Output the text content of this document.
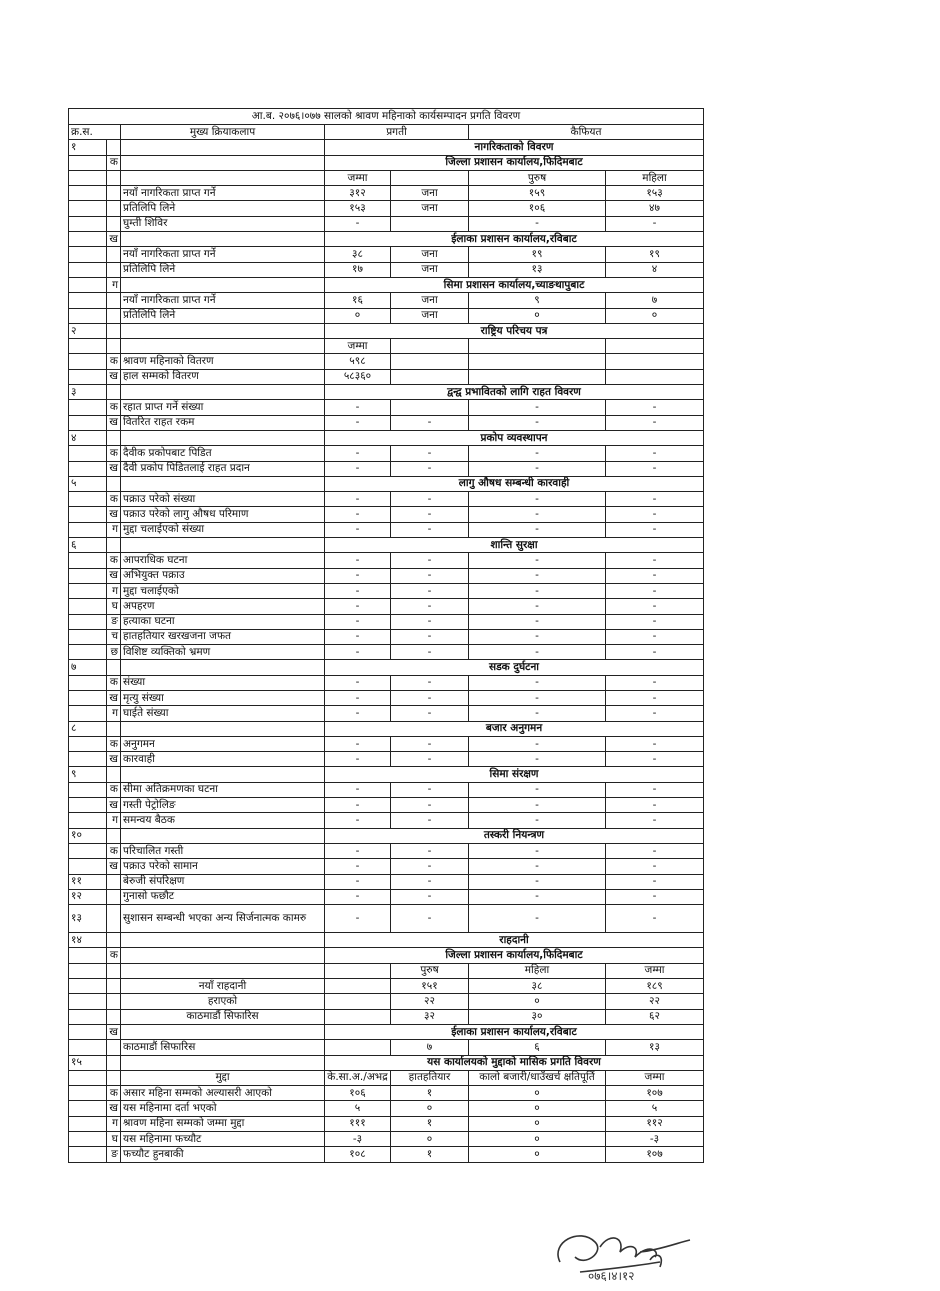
आ.ब. २०७६।०७७ सालको श्रावण महिनाको कार्यसम्पादन प्रगति विवरण						
क्र.स.		मुख्य क्रियाकलाप	प्रगती		कैफियत	
१			नागरिकताको विवरण			
	क		जिल्ला प्रशासन कार्यालय,फिदिमबाट			
			जम्मा		पुरुष	महिला
		नयाँ नागरिकता प्राप्त गर्ने	३१२	जना	१५९	१५३
		प्रतिलिपि लिने	१५३	जना	१०६	४७
		घुम्ती शिविर	-		-	-
	ख		ईलाका प्रशासन कार्यालय,रविबाट			
		नयाँ नागरिकता प्राप्त गर्ने	३८	जना	१९	१९
		प्रतिलिपि लिने	१७	जना	१३	४
	ग		सिमा प्रशासन कार्यालय,च्याङथापुबाट			
		नयाँ नागरिकता प्राप्त गर्ने	१६	जना	९	७
		प्रतिलिपि लिने	०	जना	०	०
२			राष्ट्रिय परिचय पत्र			
			जम्मा			
	क	श्रावण महिनाको वितरण	५९८			
	ख	हाल सम्मको वितरण	५८३६०			
३			द्वन्द्व प्रभावितको लागि राहत विवरण			
	क	रहात प्राप्त गर्ने संख्या	-		-	-
	ख	वितरित राहत रकम	-	-	-	-
४			प्रकोप व्यवस्थापन			
	क	दैवीक प्रकोपबाट पिडित	-	-	-	-
	ख	दैवी प्रकोप पिडितलाई राहत प्रदान	-	-	-	-
५			लागु औषध सम्बन्धी कारवाही			
	क	पक्राउ परेको संख्या	-	-	-	-
	ख	पक्राउ परेको लागु औषध परिमाण	-	-	-	-
	ग	मुद्दा चलाईएको संख्या	-	-	-	-
६			शान्ति सुरक्षा			
	क	आपराधिक घटना	-	-	-	-
	ख	अभियुक्त पक्राउ	-	-	-	-
	ग	मुद्दा चलाईएको	-	-	-	-
	घ	अपहरण	-	-	-	-
	ङ	हत्याका घटना	-	-	-	-
	च	हातहतियार खरखजना जफत	-	-	-	-
	छ	विशिष्ट व्यक्तिको भ्रमण	-	-	-	-
७			सडक दुर्घटना			
	क	संख्या	-	-	-	-
	ख	मृत्यु संख्या	-	-	-	-
	ग	घाईते संख्या	-	-	-	-
८			बजार अनुगमन			
	क	अनुगमन	-	-	-	-
	ख	कारवाही	-	-	-	-
९			सिमा संरक्षण			
	क	सीमा अतिक्रमणका घटना	-	-	-	-
	ख	गस्ती पेट्रोलिङ	-	-	-	-
	ग	समन्वय बैठक	-	-	-	-
१०			तस्करी नियन्त्रण			
	क	परिचालित गस्ती	-	-	-	-
	ख	पक्राउ परेको सामान	-	-	-	-
११		बेरुजी संपरिक्षण	-	-	-	-
१२		गुनासो फछौट	-	-	-	-
१३		सुशासन सम्बन्धी भएका अन्य सिर्जनात्मक कामरु	-	-	-	-
१४			राहदानी			
	क		जिल्ला प्रशासन कार्यालय,फिदिमबाट			
				पुरुष	महिला	जम्मा
		नयाँ राहदानी		१५१	३८	१८९
		हराएको		२२	०	२२
		काठमाडौं सिफारिस		३२	३०	६२
	ख		ईलाका प्रशासन कार्यालय,रविबाट			
		काठमाडौं सिफारिस		७	६	१३
१५			यस कार्यालयको मुद्दाको मासिक प्रगति विवरण			
		मुद्दा	के.सा.अ./अभद्र	हातहतियार	कालो बजारी/धाउँखर्च क्षतिपूर्ति	जम्मा
	क	असार महिना सम्मको अल्यासरी आएको	१०६	१	०	१०७
	ख	यस महिनामा दर्ता भएको	५	०	०	५
	ग	श्रावण महिना सम्मको जम्मा मुद्दा	१११	१	०	११२
	घ	यस महिनामा फच्यौट	-३	०	०	-३
	ङ	फच्यौट हुनबाकी	१०८	१	०	१०७
०७६।४।१२
